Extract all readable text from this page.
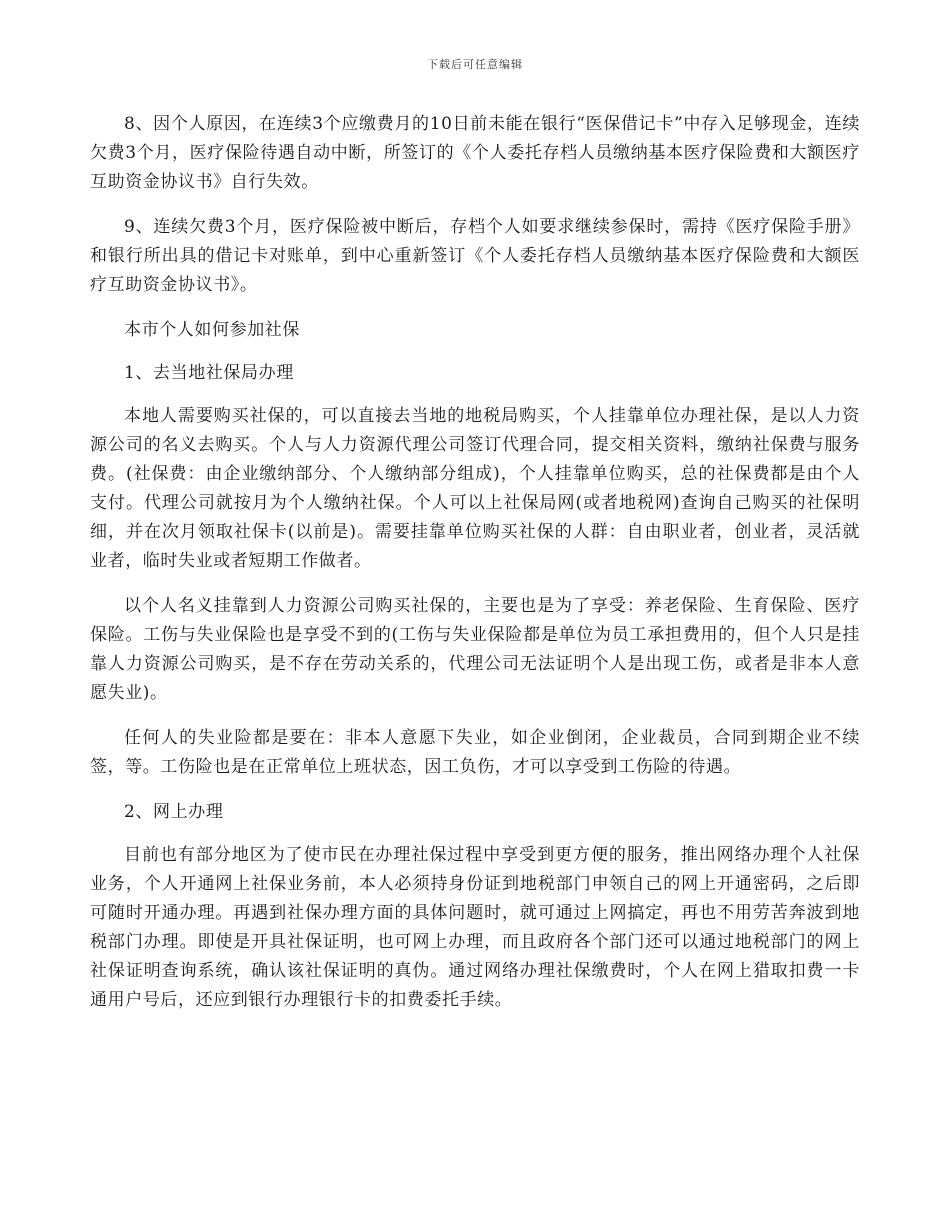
下载后可任意编辑

8、因个人原因，在连续3个应缴费月的10日前未能在银行“医保借记卡”中存入足够现金，连续欠费3个月，医疗保险待遇自动中断，所签订的《个人委托存档人员缴纳基本医疗保险费和大额医疗互助资金协议书》自行失效。

9、连续欠费3个月，医疗保险被中断后，存档个人如要求继续参保时，需持《医疗保险手册》和银行所出具的借记卡对账单，到中心重新签订《个人委托存档人员缴纳基本医疗保险费和大额医疗互助资金协议书》。

本市个人如何参加社保

1、去当地社保局办理

本地人需要购买社保的，可以直接去当地的地税局购买，个人挂靠单位办理社保，是以人力资源公司的名义去购买。个人与人力资源代理公司签订代理合同，提交相关资料，缴纳社保费与服务费。(社保费：由企业缴纳部分、个人缴纳部分组成)，个人挂靠单位购买，总的社保费都是由个人支付。代理公司就按月为个人缴纳社保。个人可以上社保局网(或者地税网)查询自己购买的社保明细，并在次月领取社保卡(以前是)。需要挂靠单位购买社保的人群：自由职业者，创业者，灵活就业者，临时失业或者短期工作做者。

以个人名义挂靠到人力资源公司购买社保的，主要也是为了享受：养老保险、生育保险、医疗保险。工伤与失业保险也是享受不到的(工伤与失业保险都是单位为员工承担费用的，但个人只是挂靠人力资源公司购买，是不存在劳动关系的，代理公司无法证明个人是出现工伤，或者是非本人意愿失业)。

任何人的失业险都是要在：非本人意愿下失业，如企业倒闭，企业裁员，合同到期企业不续签，等。工伤险也是在正常单位上班状态，因工负伤，才可以享受到工伤险的待遇。

2、网上办理

目前也有部分地区为了使市民在办理社保过程中享受到更方便的服务，推出网络办理个人社保业务，个人开通网上社保业务前，本人必须持身份证到地税部门申领自己的网上开通密码，之后即可随时开通办理。再遇到社保办理方面的具体问题时，就可通过上网搞定，再也不用劳苦奔波到地税部门办理。即使是开具社保证明，也可网上办理，而且政府各个部门还可以通过地税部门的网上社保证明查询系统，确认该社保证明的真伪。通过网络办理社保缴费时，个人在网上猎取扣费一卡通用户号后，还应到银行办理银行卡的扣费委托手续。
